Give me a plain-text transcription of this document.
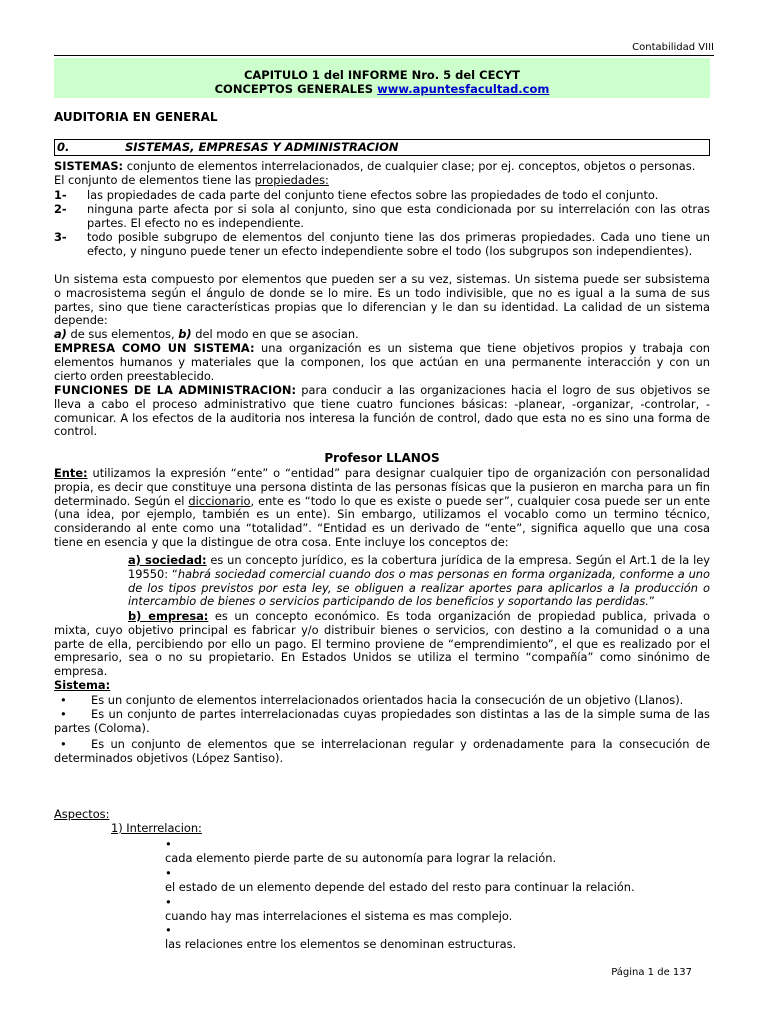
Contabilidad VIII
CAPITULO 1 del INFORME Nro. 5 del CECYT
CONCEPTOS GENERALES www.apuntesfacultad.com
AUDITORIA EN GENERAL
0.	SISTEMAS, EMPRESAS Y ADMINISTRACION
SISTEMAS: conjunto de elementos interrelacionados, de cualquier clase; por ej. conceptos, objetos o personas.
El conjunto de elementos tiene las propiedades:
1- las propiedades de cada parte del conjunto tiene efectos sobre las propiedades de todo el conjunto.
2- ninguna parte afecta por si sola al conjunto, sino que esta condicionada por su interrelación con las otras partes. El efecto no es independiente.
3- todo posible subgrupo de elementos del conjunto tiene las dos primeras propiedades. Cada uno tiene un efecto, y ninguno puede tener un efecto independiente sobre el todo (los subgrupos son independientes).
Un sistema esta compuesto por elementos que pueden ser a su vez, sistemas. Un sistema puede ser subsistema o macrosistema según el ángulo de donde se lo mire. Es un todo indivisible, que no es igual a la suma de sus partes, sino que tiene características propias que lo diferencian y le dan su identidad. La calidad de un sistema depende:
a) de sus elementos, b) del modo en que se asocian.
EMPRESA COMO UN SISTEMA: una organización es un sistema que tiene objetivos propios y trabaja con elementos humanos y materiales que la componen, los que actúan en una permanente interacción y con un cierto orden preestablecido.
FUNCIONES DE LA ADMINISTRACION: para conducir a las organizaciones hacia el logro de sus objetivos se lleva a cabo el proceso administrativo que tiene cuatro funciones básicas: -planear, -organizar, -controlar, -comunicar. A los efectos de la auditoria nos interesa la función de control, dado que esta no es sino una forma de control.
Profesor LLANOS
Ente: utilizamos la expresión “ente” o “entidad” para designar cualquier tipo de organización con personalidad propia, es decir que constituye una persona distinta de las personas físicas que la pusieron en marcha para un fin determinado. Según el diccionario, ente es “todo lo que es existe o puede ser”, cualquier cosa puede ser un ente (una idea, por ejemplo, también es un ente). Sin embargo, utilizamos el vocablo como un termino técnico, considerando al ente como una “totalidad”. “Entidad es un derivado de “ente”, significa aquello que una cosa tiene en esencia y que la distingue de otra cosa. Ente incluye los conceptos de:
a) sociedad: es un concepto jurídico, es la cobertura jurídica de la empresa. Según el Art.1 de la ley 19550: “habrá sociedad comercial cuando dos o mas personas en forma organizada, conforme a uno de los tipos previstos por esta ley, se obliguen a realizar aportes para aplicarlos a la producción o intercambio de bienes o servicios participando de los beneficios y soportando las perdidas.”
b) empresa: es un concepto económico. Es toda organización de propiedad publica, privada o mixta, cuyo objetivo principal es fabricar y/o distribuir bienes o servicios, con destino a la comunidad o a una parte de ella, percibiendo por ello un pago. El termino proviene de “emprendimiento”, el que es realizado por el empresario, sea o no su propietario. En Estados Unidos se utiliza el termino “compañía” como sinónimo de empresa.
Sistema:
• Es un conjunto de elementos interrelacionados orientados hacia la consecución de un objetivo (Llanos).
• Es un conjunto de partes interrelacionadas cuyas propiedades son distintas a las de la simple suma de las partes (Coloma).
• Es un conjunto de elementos que se interrelacionan regular y ordenadamente para la consecución de determinados objetivos (López Santiso).
Aspectos:
1) Interrelacion:
•
cada elemento pierde parte de su autonomía para lograr la relación.
•
el estado de un elemento depende del estado del resto para continuar la relación.
•
cuando hay mas interrelaciones el sistema es mas complejo.
•
las relaciones entre los elementos se denominan estructuras.
Página 1 de 137
